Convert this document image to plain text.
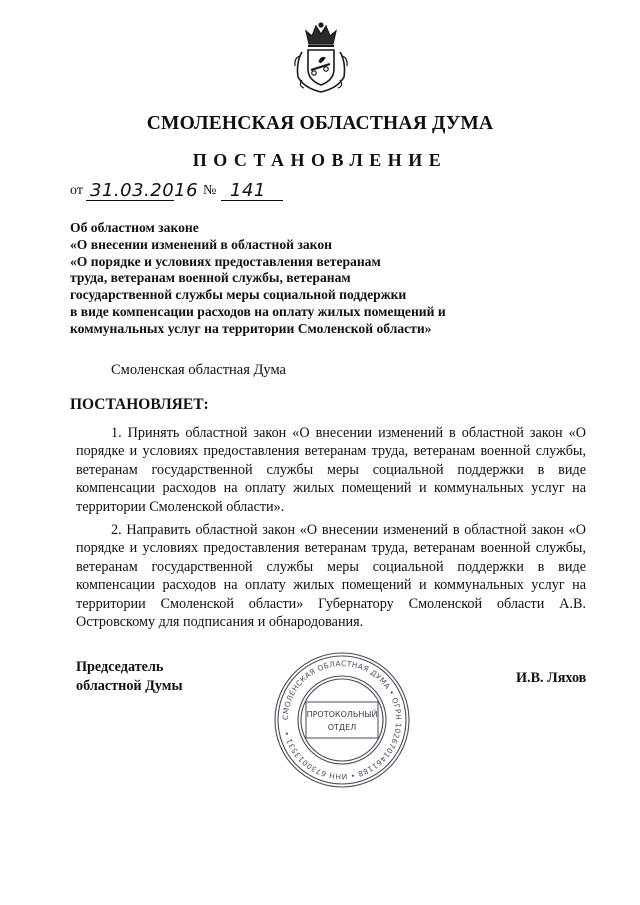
СМОЛЕНСКАЯ ОБЛАСТНАЯ ДУМА
ПОСТАНОВЛЕНИЕ
от 31.03.2016 № 141
Об областном законе
«О внесении изменений в областной закон
«О порядке и условиях предоставления ветеранам
труда, ветеранам военной службы, ветеранам
государственной службы меры социальной поддержки
в виде компенсации расходов на оплату жилых помещений и
коммунальных услуг на территории Смоленской области»
Смоленская областная Дума
ПОСТАНОВЛЯЕТ:
1. Принять областной закон «О внесении изменений в областной закон «О порядке и условиях предоставления ветеранам труда, ветеранам военной службы, ветеранам государственной службы меры социальной поддержки в виде компенсации расходов на оплату жилых помещений и коммунальных услуг на территории Смоленской области».
2. Направить областной закон «О внесении изменений в областной закон «О порядке и условиях предоставления ветеранам труда, ветеранам военной службы, ветеранам государственной службы меры социальной поддержки в виде компенсации расходов на оплату жилых помещений и коммунальных услуг на территории Смоленской области» Губернатору Смоленской области А.В. Островскому для подписания и обнародования.
Председатель
областной Думы	И.В. Ляхов
СМОЛЕНСКАЯ ОБЛАСТНАЯ ДУМА • ОГРН 1026701461188 • ИНН 6730013531 •
ПРОТОКОЛЬНЫЙ
ОТДЕЛ
